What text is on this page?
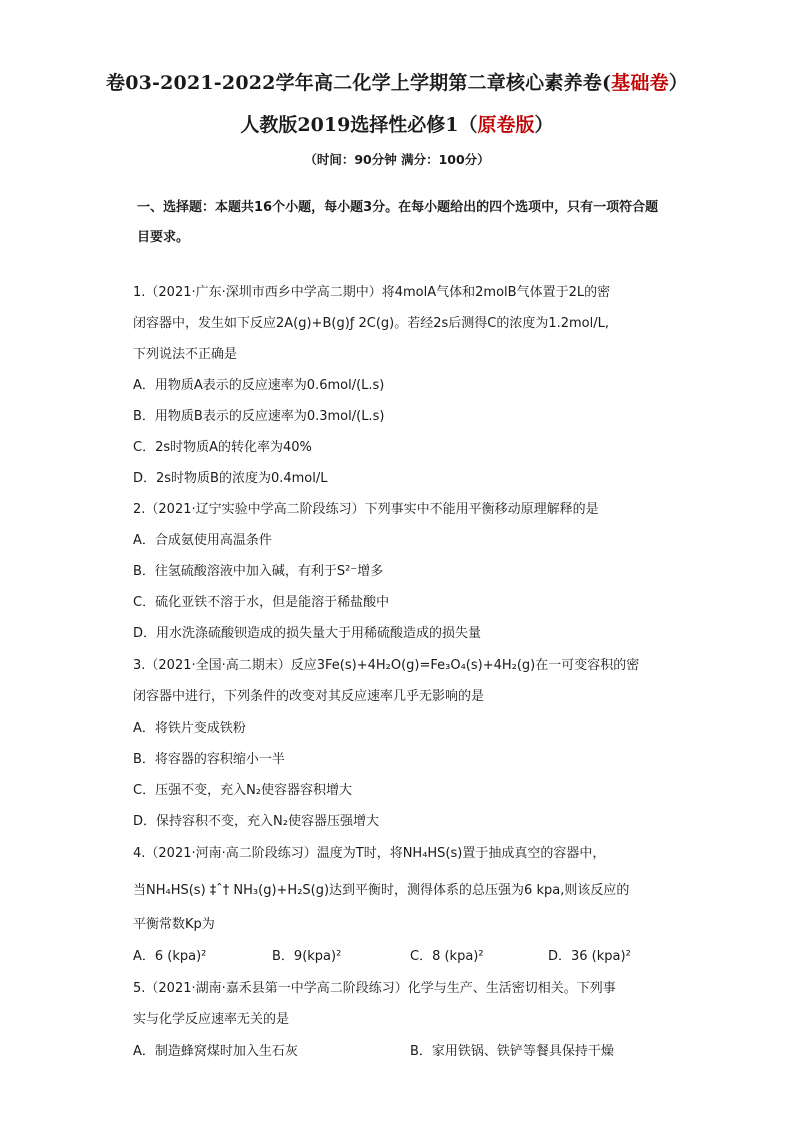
卷03-2021-2022学年高二化学上学期第二章核心素养卷(基础卷）
人教版2019选择性必修1（原卷版）
（时间：90分钟 满分：100分）
一、选择题：本题共16个小题，每小题3分。在每小题给出的四个选项中，只有一项符合题目要求。
1.（2021·广东·深圳市西乡中学高二期中）将4molA气体和2molB气体置于2L的密
闭容器中，发生如下反应2A(g)+B(g)ƒ 2C(g)。若经2s后测得C的浓度为1.2mol/L,
下列说法不正确是
A．用物质A表示的反应速率为0.6mol/(L.s)
B．用物质B表示的反应速率为0.3mol/(L.s)
C．2s时物质A的转化率为40%
D．2s时物质B的浓度为0.4mol/L
2.（2021·辽宁实验中学高二阶段练习）下列事实中不能用平衡移动原理解释的是
A．合成氨使用高温条件
B．往氢硫酸溶液中加入碱，有利于S²⁻增多
C．硫化亚铁不溶于水，但是能溶于稀盐酸中
D．用水洗涤硫酸钡造成的损失量大于用稀硫酸造成的损失量
3.（2021·全国·高二期末）反应3Fe(s)+4H₂O(g)=Fe₃O₄(s)+4H₂(g)在一可变容积的密
闭容器中进行，下列条件的改变对其反应速率几乎无影响的是
A．将铁片变成铁粉
B．将容器的容积缩小一半
C．压强不变，充入N₂使容器容积增大
D．保持容积不变，充入N₂使容器压强增大
4.（2021·河南·高二阶段练习）温度为T时，将NH₄HS(s)置于抽成真空的容器中，
当NH₄HS(s) ‡ˆ† NH₃(g)+H₂S(g)达到平衡时，测得体系的总压强为6 kpa,则该反应的
平衡常数Kp为
A．6 (kpa)²	B．9(kpa)²	C．8 (kpa)²	D．36 (kpa)²
5.（2021·湖南·嘉禾县第一中学高二阶段练习）化学与生产、生活密切相关。下列事
实与化学反应速率无关的是
A．制造蜂窝煤时加入生石灰	B．家用铁锅、铁铲等餐具保持干燥
